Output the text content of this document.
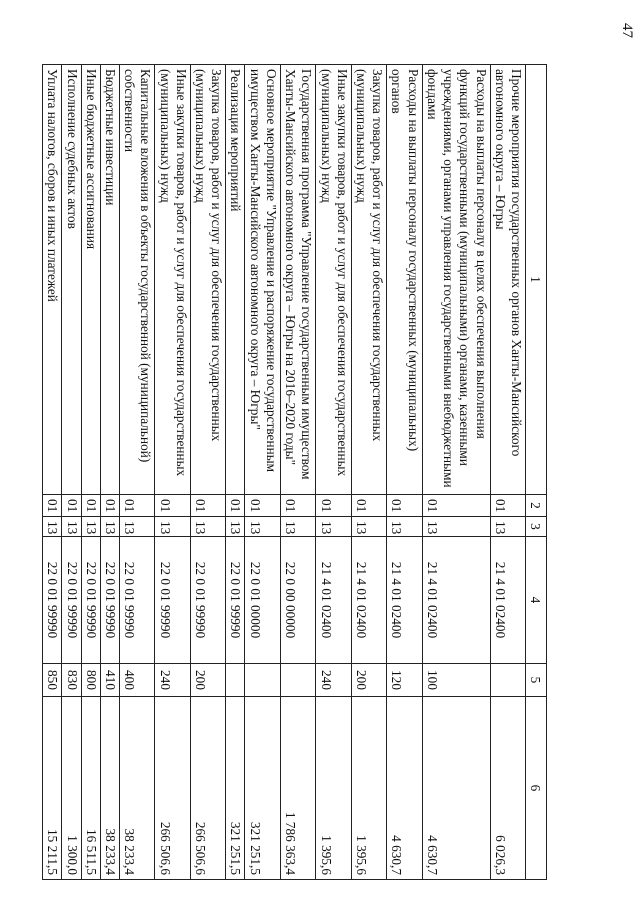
47
1	2	3	4	5	6
Прочие мероприятия государственных органов Ханты-Мансийского автономного округа – Югры	01	13	21 4 01 02400		6 026,3
Расходы на выплаты персоналу в целях обеспечения выполнения функций государственными (муниципальными) органами, казенными учреждениями, органами управления государственными внебюджетными фондами	01	13	21 4 01 02400	100	4 630,7
Расходы на выплаты персоналу государственных (муниципальных) органов	01	13	21 4 01 02400	120	4 630,7
Закупка товаров, работ и услуг для обеспечения государственных (муниципальных) нужд	01	13	21 4 01 02400	200	1 395,6
Иные закупки товаров, работ и услуг для обеспечения государственных (муниципальных) нужд	01	13	21 4 01 02400	240	1 395,6
Государственная программа "Управление государственным имуществом Ханты-Мансийского автономного округа – Югры на 2016–2020 годы"	01	13	22 0 00 00000		1 786 363,4
Основное мероприятие "Управление и распоряжение государственным имуществом Ханты-Мансийского автономного округа – Югры"	01	13	22 0 01 00000		321 251,5
Реализация мероприятий	01	13	22 0 01 99990		321 251,5
Закупка товаров, работ и услуг для обеспечения государственных (муниципальных) нужд	01	13	22 0 01 99990	200	266 506,6
Иные закупки товаров, работ и услуг для обеспечения государственных (муниципальных) нужд	01	13	22 0 01 99990	240	266 506,6
Капитальные вложения в объекты государственной (муниципальной) собственности	01	13	22 0 01 99990	400	38 233,4
Бюджетные инвестиции	01	13	22 0 01 99990	410	38 233,4
Иные бюджетные ассигнования	01	13	22 0 01 99990	800	16 511,5
Исполнение судебных актов	01	13	22 0 01 99990	830	1 300,0
Уплата налогов, сборов и иных платежей	01	13	22 0 01 99990	850	15 211,5
